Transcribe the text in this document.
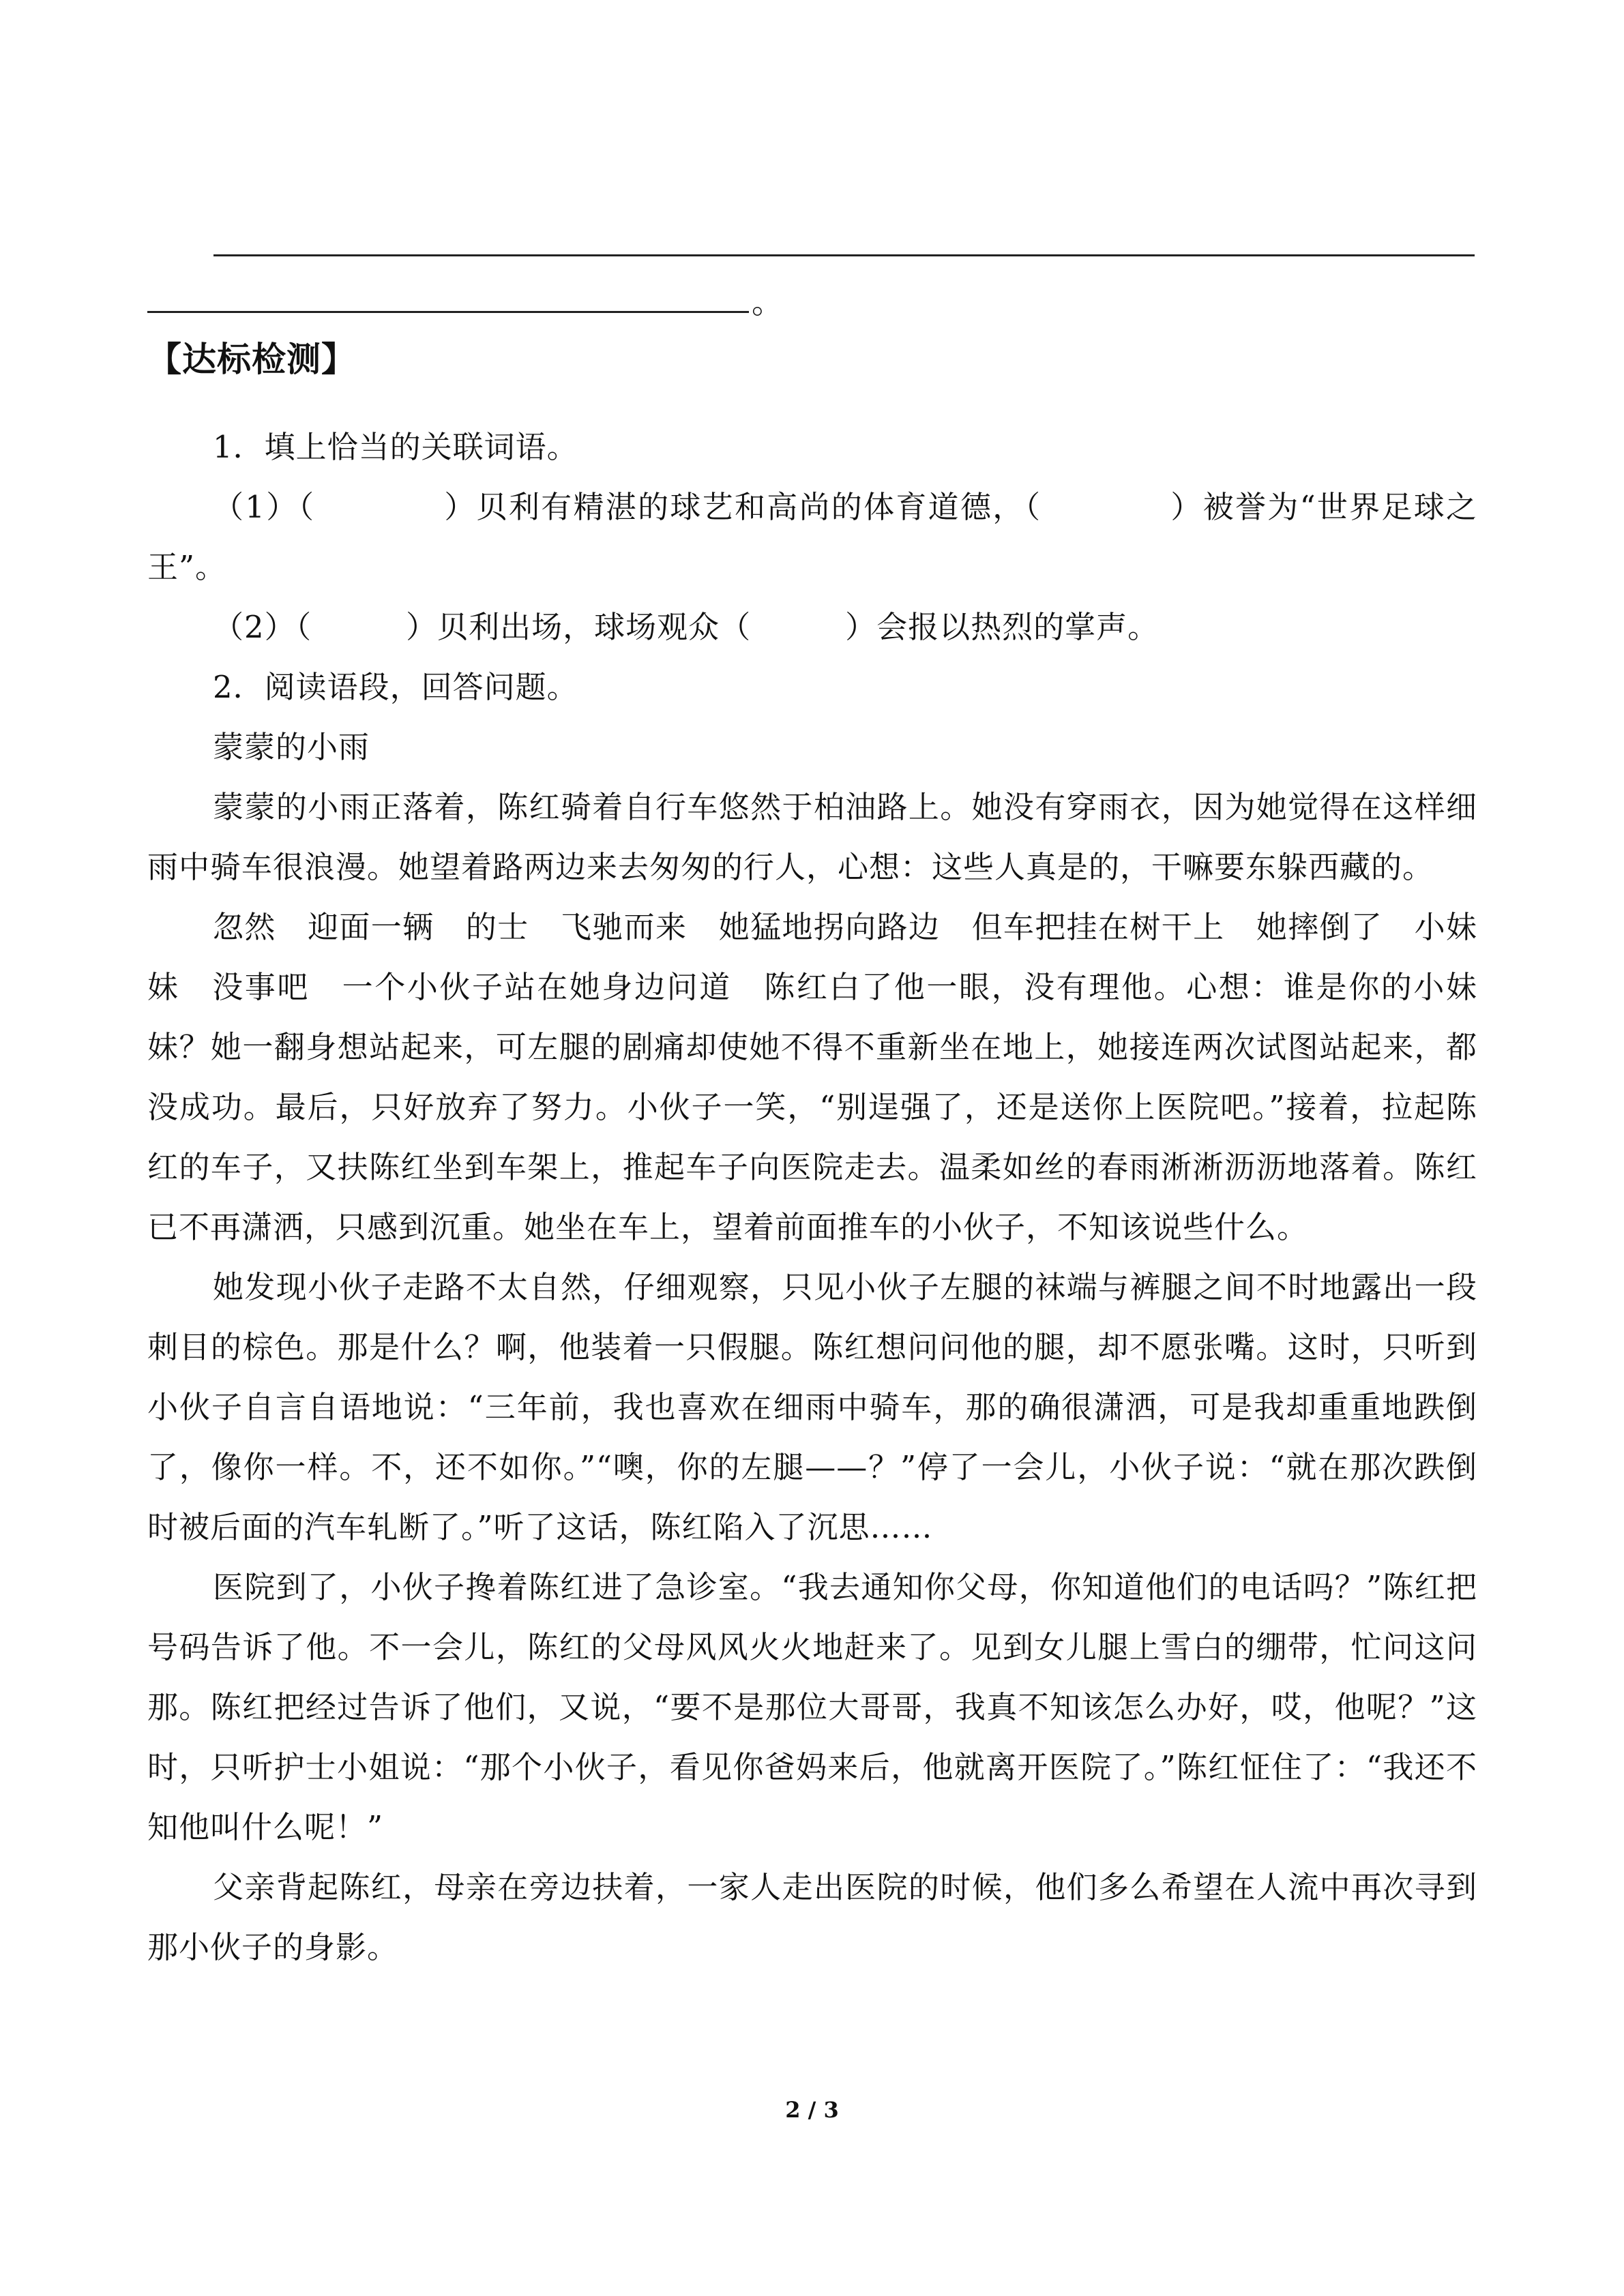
。
【达标检测】

1．填上恰当的关联词语。

（1）（　　　　）贝利有精湛的球艺和高尚的体育道德，（　　　　）被誉为“世界足球之王”。

（2）（　　　）贝利出场，球场观众（　　　）会报以热烈的掌声。

2．阅读语段，回答问题。

蒙蒙的小雨

蒙蒙的小雨正落着，陈红骑着自行车悠然于柏油路上。她没有穿雨衣，因为她觉得在这样细雨中骑车很浪漫。她望着路两边来去匆匆的行人，心想：这些人真是的，干嘛要东躲西藏的。

忽然　迎面一辆　的士　飞驰而来　她猛地拐向路边　但车把挂在树干上　她摔倒了　小妹妹　没事吧　一个小伙子站在她身边问道　陈红白了他一眼，没有理他。心想：谁是你的小妹妹？她一翻身想站起来，可左腿的剧痛却使她不得不重新坐在地上，她接连两次试图站起来，都没成功。最后，只好放弃了努力。小伙子一笑，“别逞强了，还是送你上医院吧。”接着，拉起陈红的车子，又扶陈红坐到车架上，推起车子向医院走去。温柔如丝的春雨淅淅沥沥地落着。陈红已不再潇洒，只感到沉重。她坐在车上，望着前面推车的小伙子，不知该说些什么。

她发现小伙子走路不太自然，仔细观察，只见小伙子左腿的袜端与裤腿之间不时地露出一段刺目的棕色。那是什么？啊，他装着一只假腿。陈红想问问他的腿，却不愿张嘴。这时，只听到小伙子自言自语地说：“三年前，我也喜欢在细雨中骑车，那的确很潇洒，可是我却重重地跌倒了，像你一样。不，还不如你。”“噢，你的左腿——？”停了一会儿，小伙子说：“就在那次跌倒时被后面的汽车轧断了。”听了这话，陈红陷入了沉思……

医院到了，小伙子搀着陈红进了急诊室。“我去通知你父母，你知道他们的电话吗？”陈红把号码告诉了他。不一会儿，陈红的父母风风火火地赶来了。见到女儿腿上雪白的绷带，忙问这问那。陈红把经过告诉了他们，又说，“要不是那位大哥哥，我真不知该怎么办好，哎，他呢？”这时，只听护士小姐说：“那个小伙子，看见你爸妈来后，他就离开医院了。”陈红怔住了：“我还不知他叫什么呢！”

父亲背起陈红，母亲在旁边扶着，一家人走出医院的时候，他们多么希望在人流中再次寻到那小伙子的身影。

2 / 3
